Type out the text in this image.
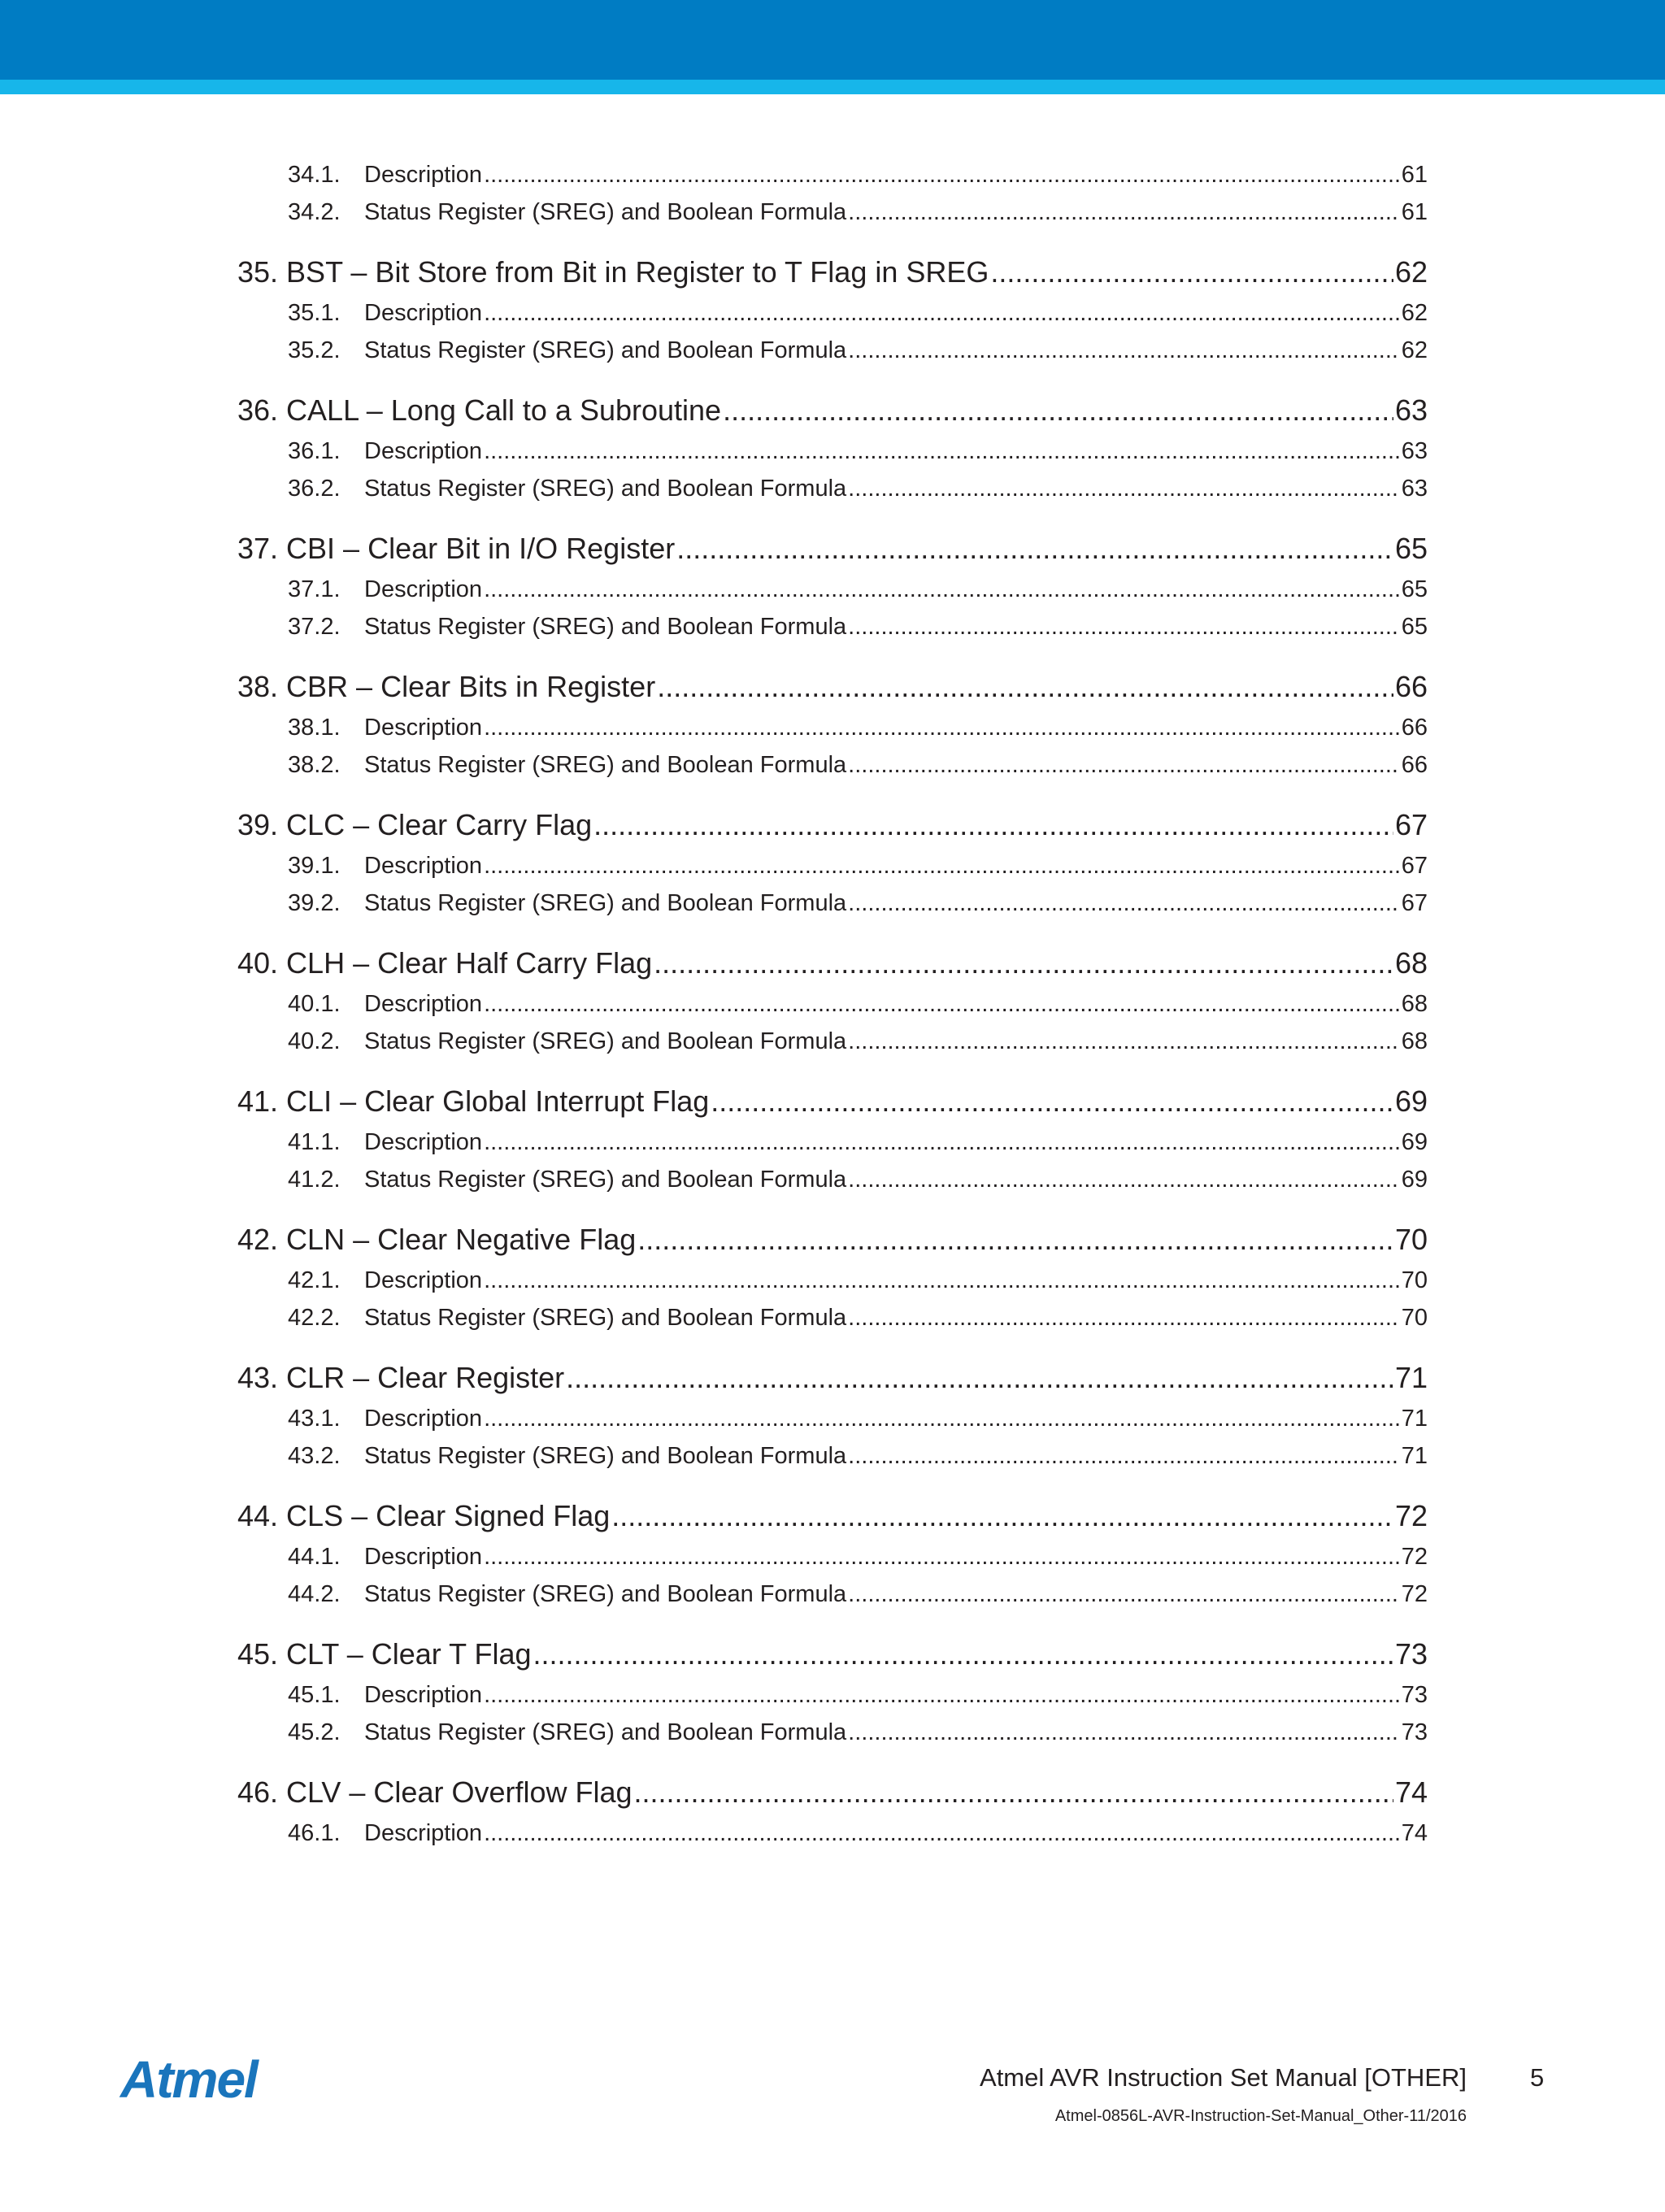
34.1.	Description .....	61
34.2.	Status Register (SREG) and Boolean Formula .....	61
35. BST – Bit Store from Bit in Register to T Flag in SREG .....	62
35.1.	Description .....	62
35.2.	Status Register (SREG) and Boolean Formula .....	62
36. CALL – Long Call to a Subroutine .....	63
36.1.	Description .....	63
36.2.	Status Register (SREG) and Boolean Formula .....	63
37. CBI – Clear Bit in I/O Register .....	65
37.1.	Description .....	65
37.2.	Status Register (SREG) and Boolean Formula .....	65
38. CBR – Clear Bits in Register .....	66
38.1.	Description .....	66
38.2.	Status Register (SREG) and Boolean Formula .....	66
39. CLC – Clear Carry Flag .....	67
39.1.	Description .....	67
39.2.	Status Register (SREG) and Boolean Formula .....	67
40. CLH – Clear Half Carry Flag .....	68
40.1.	Description .....	68
40.2.	Status Register (SREG) and Boolean Formula .....	68
41. CLI – Clear Global Interrupt Flag .....	69
41.1.	Description .....	69
41.2.	Status Register (SREG) and Boolean Formula .....	69
42. CLN – Clear Negative Flag .....	70
42.1.	Description .....	70
42.2.	Status Register (SREG) and Boolean Formula .....	70
43. CLR – Clear Register .....	71
43.1.	Description .....	71
43.2.	Status Register (SREG) and Boolean Formula .....	71
44. CLS – Clear Signed Flag .....	72
44.1.	Description .....	72
44.2.	Status Register (SREG) and Boolean Formula .....	72
45. CLT – Clear T Flag .....	73
45.1.	Description .....	73
45.2.	Status Register (SREG) and Boolean Formula .....	73
46. CLV – Clear Overflow Flag .....	74
46.1.	Description .....	74
Atmel	Atmel AVR Instruction Set Manual [OTHER]	5
Atmel-0856L-AVR-Instruction-Set-Manual_Other-11/2016
